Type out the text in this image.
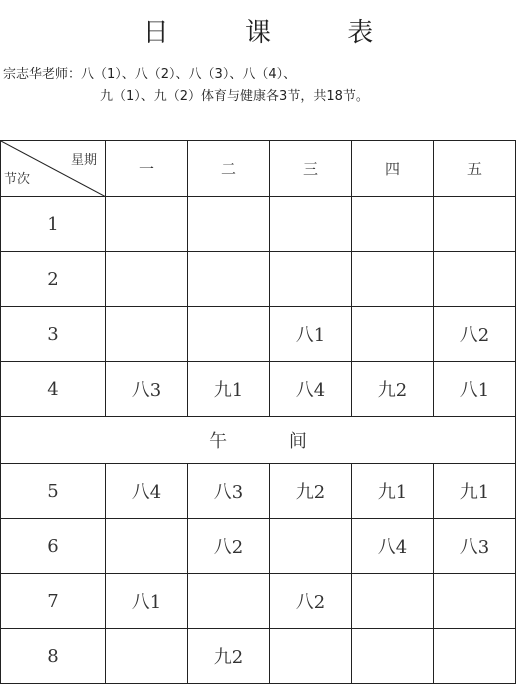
日 课 表
宗志华老师：八（1）、八（2）、八（3）、八（4）、
九（1）、九（2）体育与健康各3节，共18节。
星期
节次	一	二	三	四	五
1					
2					
3			八1		八2
4	八3	九1	八4	九2	八1
午 间					
5	八4	八3	九2	九1	九1
6		八2		八4	八3
7	八1		八2		
8		九2			
